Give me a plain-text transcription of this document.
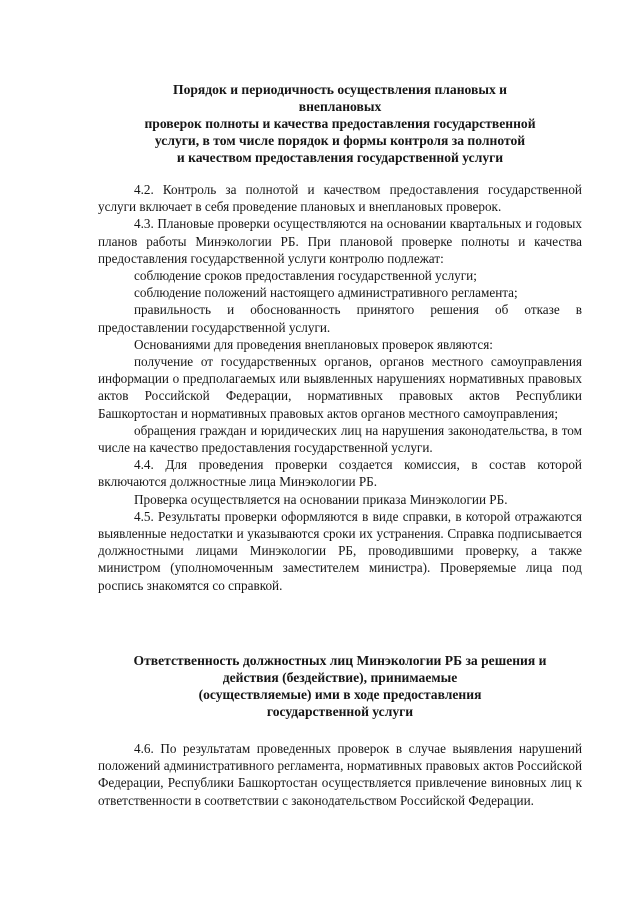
Порядок и периодичность осуществления плановых и
внеплановых
проверок полноты и качества предоставления государственной
услуги, в том числе порядок и формы контроля за полнотой
и качеством предоставления государственной услуги

4.2. Контроль за полнотой и качеством предоставления государственной услуги включает в себя проведение плановых и внеплановых проверок.

4.3. Плановые проверки осуществляются на основании квартальных и годовых планов работы Минэкологии РБ. При плановой проверке полноты и качества предоставления государственной услуги контролю подлежат:

соблюдение сроков предоставления государственной услуги;

соблюдение положений настоящего административного регламента;

правильность и обоснованность принятого решения об отказе в предоставлении государственной услуги.

Основаниями для проведения внеплановых проверок являются:

получение от государственных органов, органов местного самоуправления информации о предполагаемых или выявленных нарушениях нормативных правовых актов Российской Федерации, нормативных правовых актов Республики Башкортостан и нормативных правовых актов органов местного самоуправления;

обращения граждан и юридических лиц на нарушения законодательства, в том числе на качество предоставления государственной услуги.

4.4. Для проведения проверки создается комиссия, в состав которой включаются должностные лица Минэкологии РБ.

Проверка осуществляется на основании приказа Минэкологии РБ.

4.5. Результаты проверки оформляются в виде справки, в которой отражаются выявленные недостатки и указываются сроки их устранения. Справка подписывается должностными лицами Минэкологии РБ, проводившими проверку, а также министром (уполномоченным заместителем министра). Проверяемые лица под роспись знакомятся со справкой.

Ответственность должностных лиц Минэкологии РБ за решения и
действия (бездействие), принимаемые
(осуществляемые) ими в ходе предоставления
государственной услуги

4.6. По результатам проведенных проверок в случае выявления нарушений положений административного регламента, нормативных правовых актов Российской Федерации, Республики Башкортостан осуществляется привлечение виновных лиц к ответственности в соответствии с законодательством Российской Федерации.
